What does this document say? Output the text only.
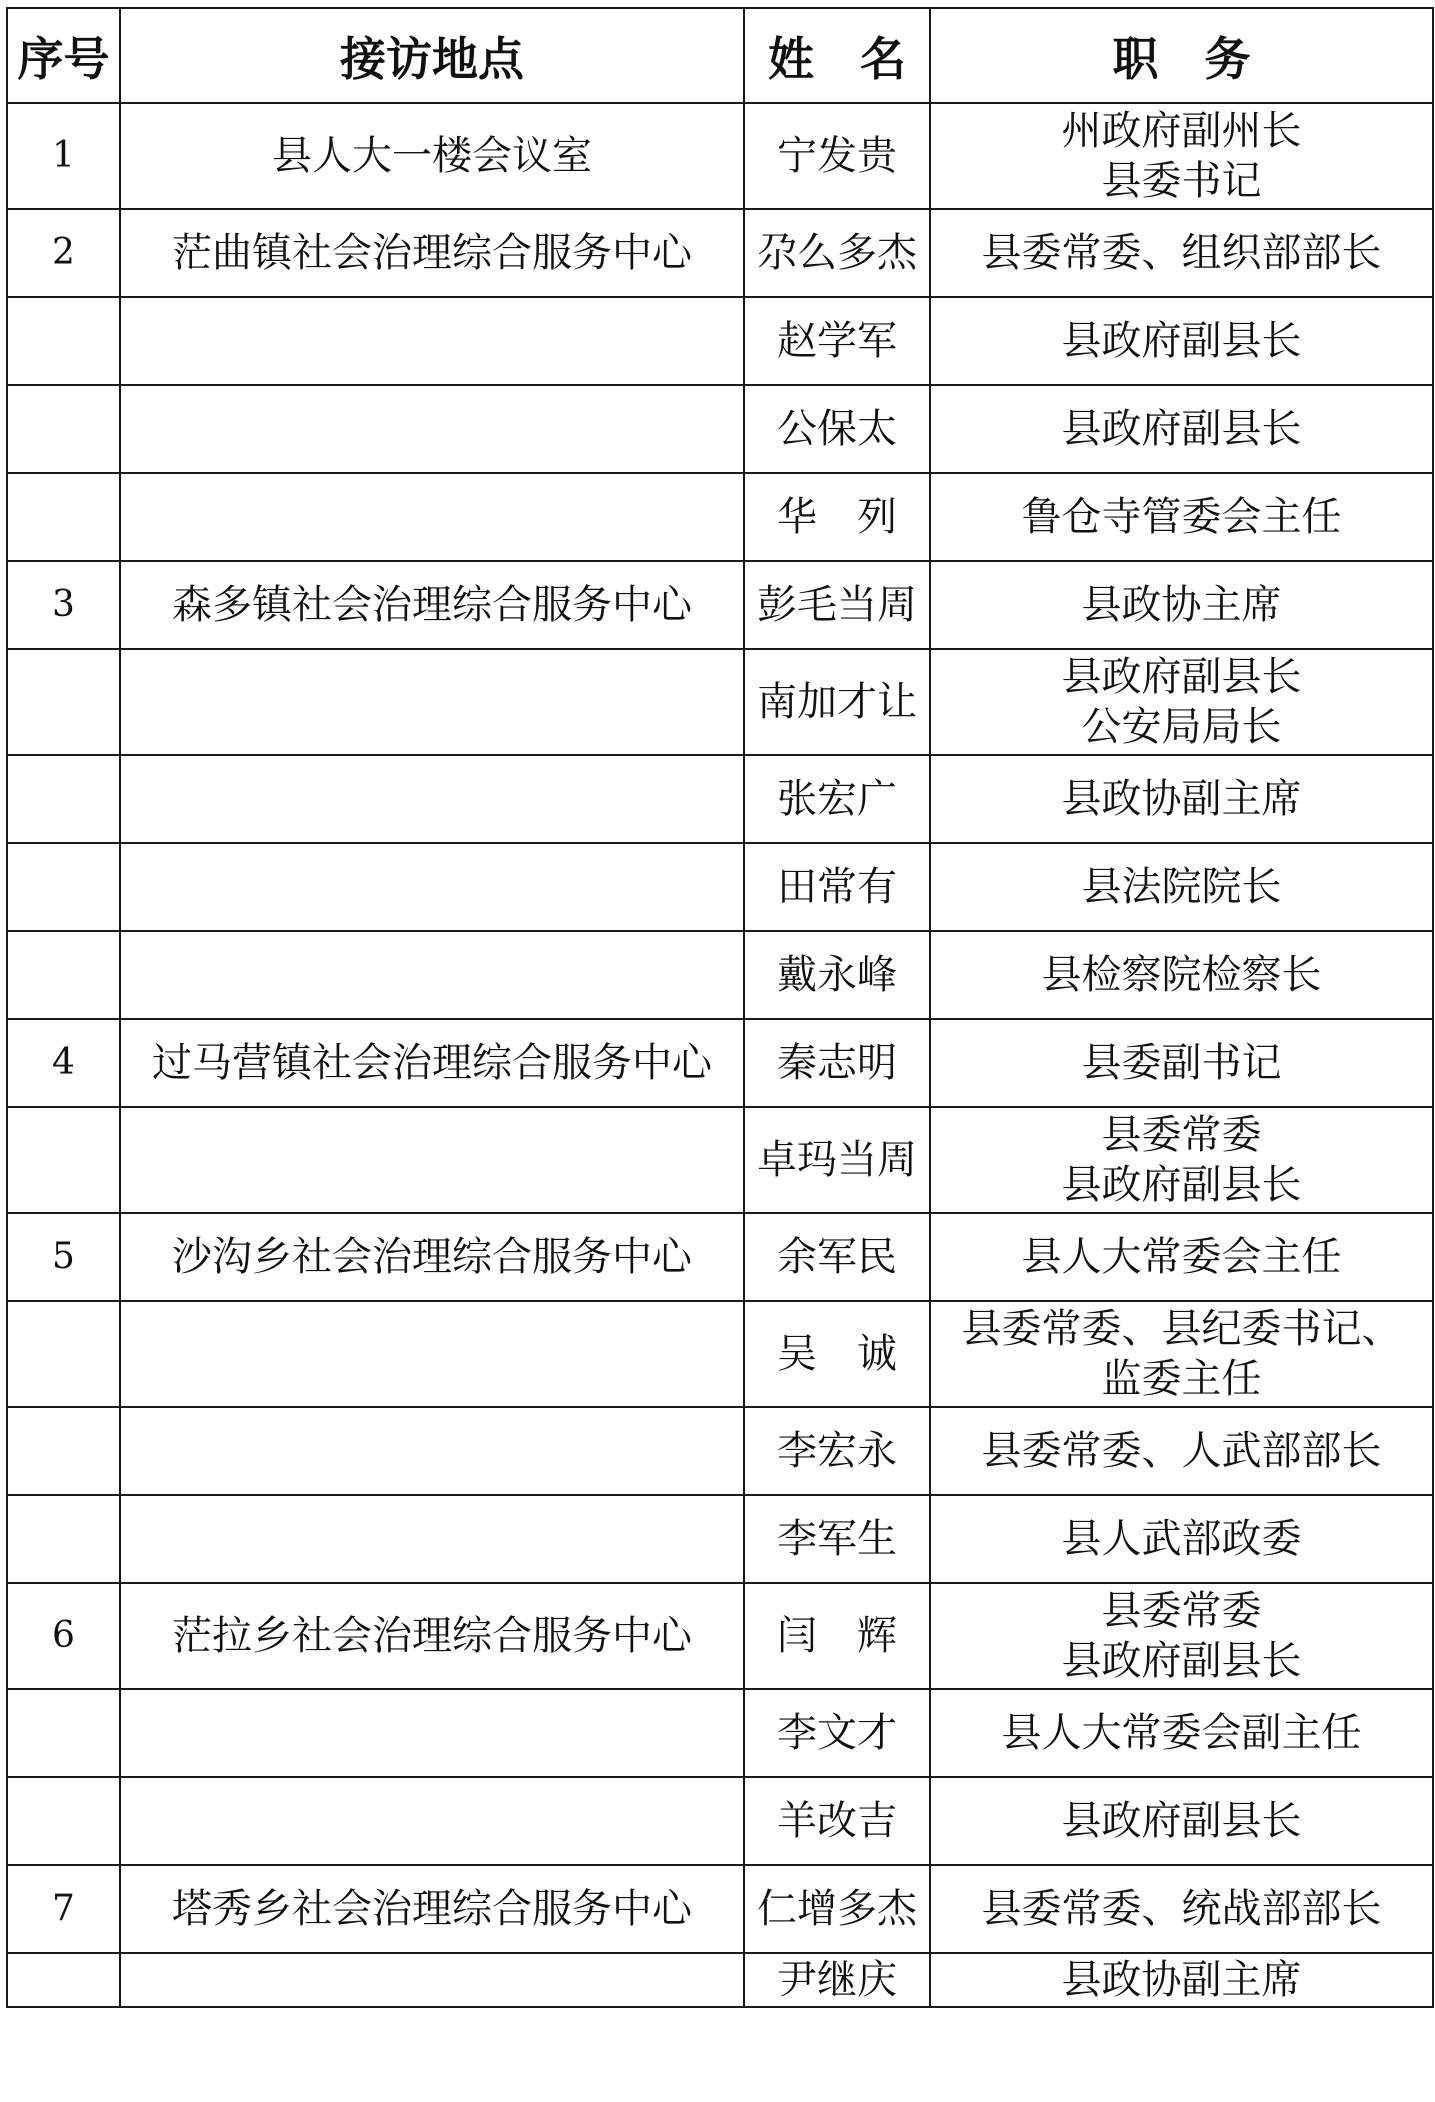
序号	接访地点	姓　名	职　务
1	县人大一楼会议室	宁发贵	州政府副州长
县委书记

2	茫曲镇社会治理综合服务中心	尕么多杰	县委常委、组织部部长

		赵学军	县政府副县长

		公保太	县政府副县长

		华　列	鲁仓寺管委会主任

3	森多镇社会治理综合服务中心	彭毛当周	县政协主席

		南加才让	县政府副县长
公安局局长

		张宏广	县政协副主席

		田常有	县法院院长

		戴永峰	县检察院检察长

4	过马营镇社会治理综合服务中心	秦志明	县委副书记

		卓玛当周	县委常委
县政府副县长

5	沙沟乡社会治理综合服务中心	余军民	县人大常委会主任

		吴　诚	县委常委、县纪委书记、
监委主任

		李宏永	县委常委、人武部部长

		李军生	县人武部政委

6	茫拉乡社会治理综合服务中心	闫　辉	县委常委
县政府副县长

		李文才	县人大常委会副主任

		羊改吉	县政府副县长

7	塔秀乡社会治理综合服务中心	仁增多杰	县委常委、统战部部长

		尹继庆	县政协副主席
